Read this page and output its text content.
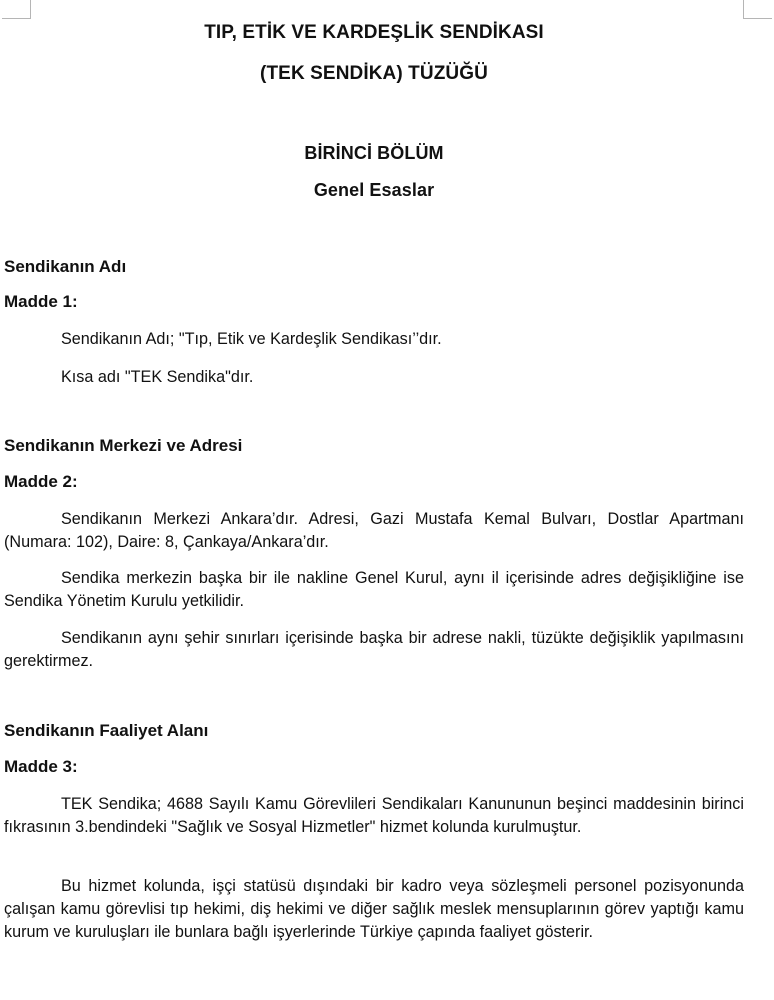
TIP, ETİK VE KARDEŞLİK SENDİKASI
(TEK SENDİKA) TÜZÜĞÜ
BİRİNCİ BÖLÜM
Genel Esaslar
Sendikanın Adı
Madde 1:

Sendikanın Adı; "Tıp, Etik ve Kardeşlik Sendikası’’dır.

Kısa adı "TEK Sendika"dır.

Sendikanın Merkezi ve Adresi
Madde 2:

Sendikanın Merkezi Ankara’dır. Adresi, Gazi Mustafa Kemal Bulvarı, Dostlar Apartmanı (Numara: 102), Daire: 8, Çankaya/Ankara’dır.

Sendika merkezin başka bir ile nakline Genel Kurul, aynı il içerisinde adres değişikliğine ise Sendika Yönetim Kurulu yetkilidir.

Sendikanın aynı şehir sınırları içerisinde başka bir adrese nakli, tüzükte değişiklik yapılmasını gerektirmez.

Sendikanın Faaliyet Alanı
Madde 3:

TEK Sendika; 4688 Sayılı Kamu Görevlileri Sendikaları Kanununun beşinci maddesinin birinci fıkrasının 3.bendindeki "Sağlık ve Sosyal Hizmetler" hizmet kolunda kurulmuştur.

Bu hizmet kolunda, işçi statüsü dışındaki bir kadro veya sözleşmeli personel pozisyonunda çalışan kamu görevlisi tıp hekimi, diş hekimi ve diğer sağlık meslek mensuplarının görev yaptığı kamu kurum ve kuruluşları ile bunlara bağlı işyerlerinde Türkiye çapında faaliyet gösterir.
